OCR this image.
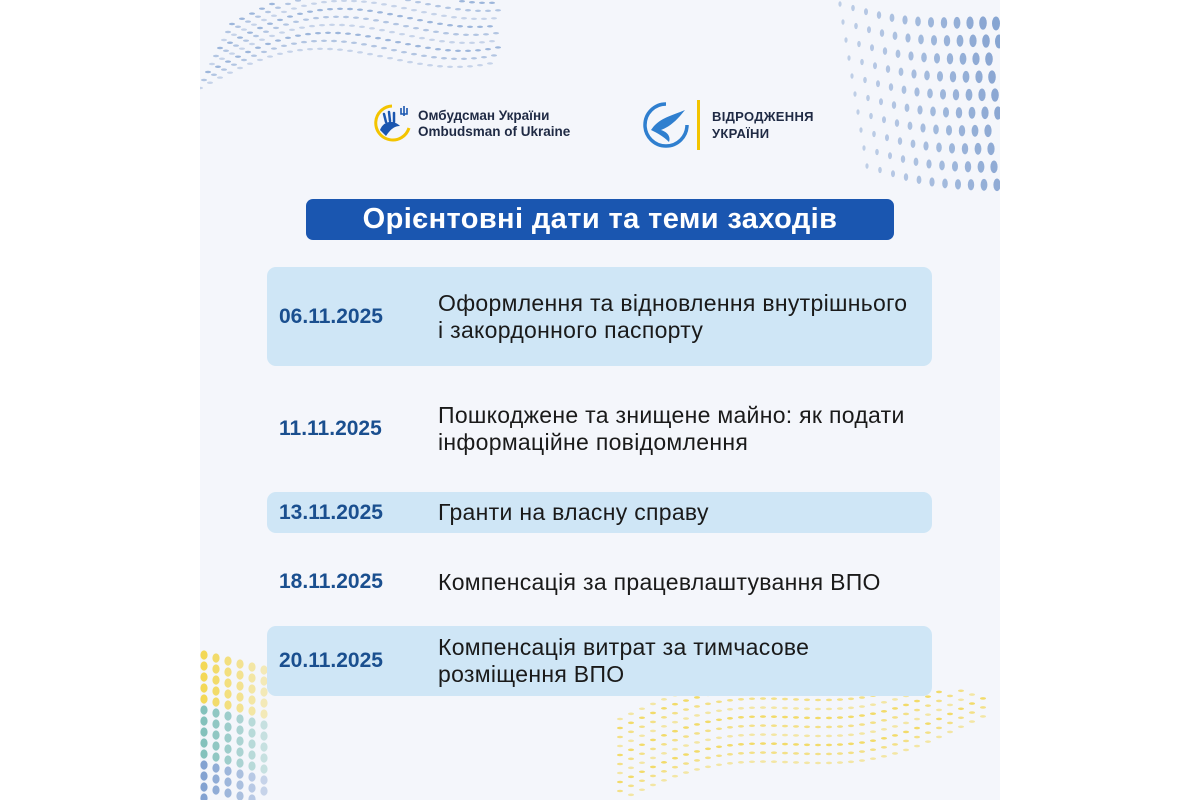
Омбудсман України
Ombudsman of Ukraine
ВІДРОДЖЕННЯ
УКРАЇНИ
Орієнтовні дати та теми заходів
06.11.2025
Оформлення та відновлення внутрішнього і закордонного паспорту
11.11.2025
Пошкоджене та знищене майно: як подати інформаційне повідомлення
13.11.2025 Гранти на власну справу
18.11.2025 Компенсація за працевлаштування ВПО
20.11.2025
Компенсація витрат за тимчасове розміщення ВПО
